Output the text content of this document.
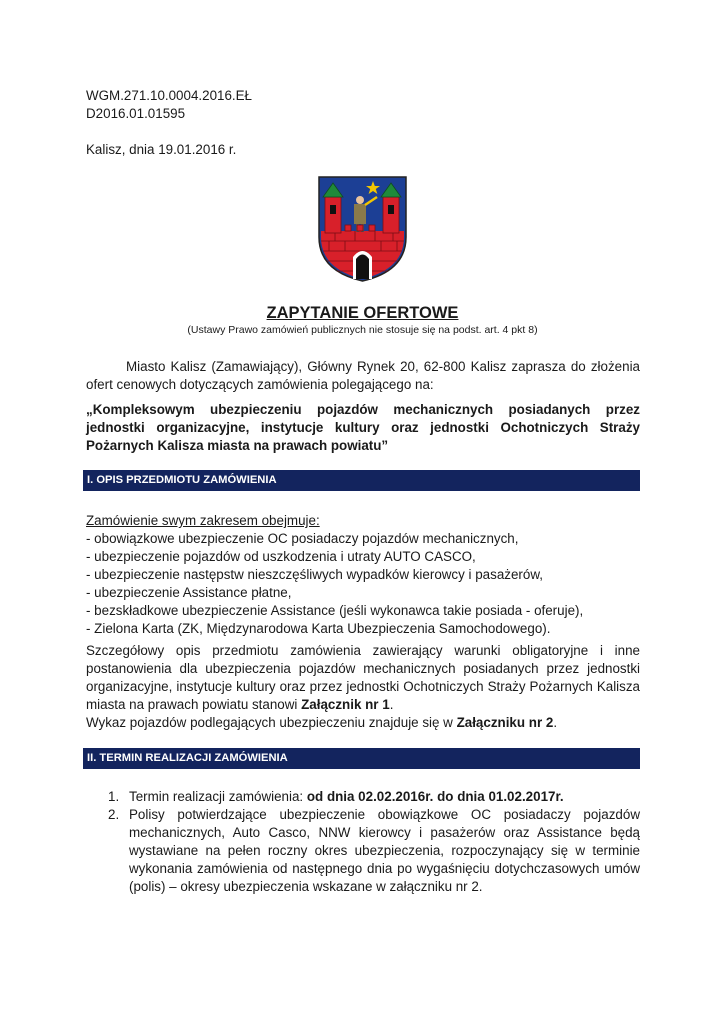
WGM.271.10.0004.2016.EŁ
D2016.01.01595
Kalisz, dnia 19.01.2016 r.
ZAPYTANIE OFERTOWE
(Ustawy Prawo zamówień publicznych nie stosuje się na podst. art. 4 pkt 8)
Miasto Kalisz (Zamawiający), Główny Rynek 20, 62-800 Kalisz zaprasza do złożenia ofert cenowych dotyczących zamówienia polegającego na:
„Kompleksowym ubezpieczeniu pojazdów mechanicznych posiadanych przez jednostki organizacyjne, instytucje kultury oraz jednostki Ochotniczych Straży Pożarnych Kalisza miasta na prawach powiatu”
I. OPIS PRZEDMIOTU ZAMÓWIENIA
Zamówienie swym zakresem obejmuje:
- obowiązkowe ubezpieczenie OC posiadaczy pojazdów mechanicznych,
- ubezpieczenie pojazdów od uszkodzenia i utraty AUTO CASCO,
- ubezpieczenie następstw nieszczęśliwych wypadków kierowcy i pasażerów,
- ubezpieczenie Assistance płatne,
- bezskładkowe ubezpieczenie Assistance (jeśli wykonawca takie posiada - oferuje),
- Zielona Karta (ZK, Międzynarodowa Karta Ubezpieczenia Samochodowego).
Szczegółowy opis przedmiotu zamówienia zawierający warunki obligatoryjne i inne postanowienia dla ubezpieczenia pojazdów mechanicznych posiadanych przez jednostki organizacyjne, instytucje kultury oraz przez jednostki Ochotniczych Straży Pożarnych Kalisza miasta na prawach powiatu stanowi Załącznik nr 1.
Wykaz pojazdów podlegających ubezpieczeniu znajduje się w Załączniku nr 2.
II. TERMIN REALIZACJI ZAMÓWIENIA
1. Termin realizacji zamówienia: od dnia 02.02.2016r. do dnia 01.02.2017r.
2. Polisy potwierdzające ubezpieczenie obowiązkowe OC posiadaczy pojazdów mechanicznych, Auto Casco, NNW kierowcy i pasażerów oraz Assistance będą wystawiane na pełen roczny okres ubezpieczenia, rozpoczynający się w terminie wykonania zamówienia od następnego dnia po wygaśnięciu dotychczasowych umów (polis) – okresy ubezpieczenia wskazane w załączniku nr 2.
